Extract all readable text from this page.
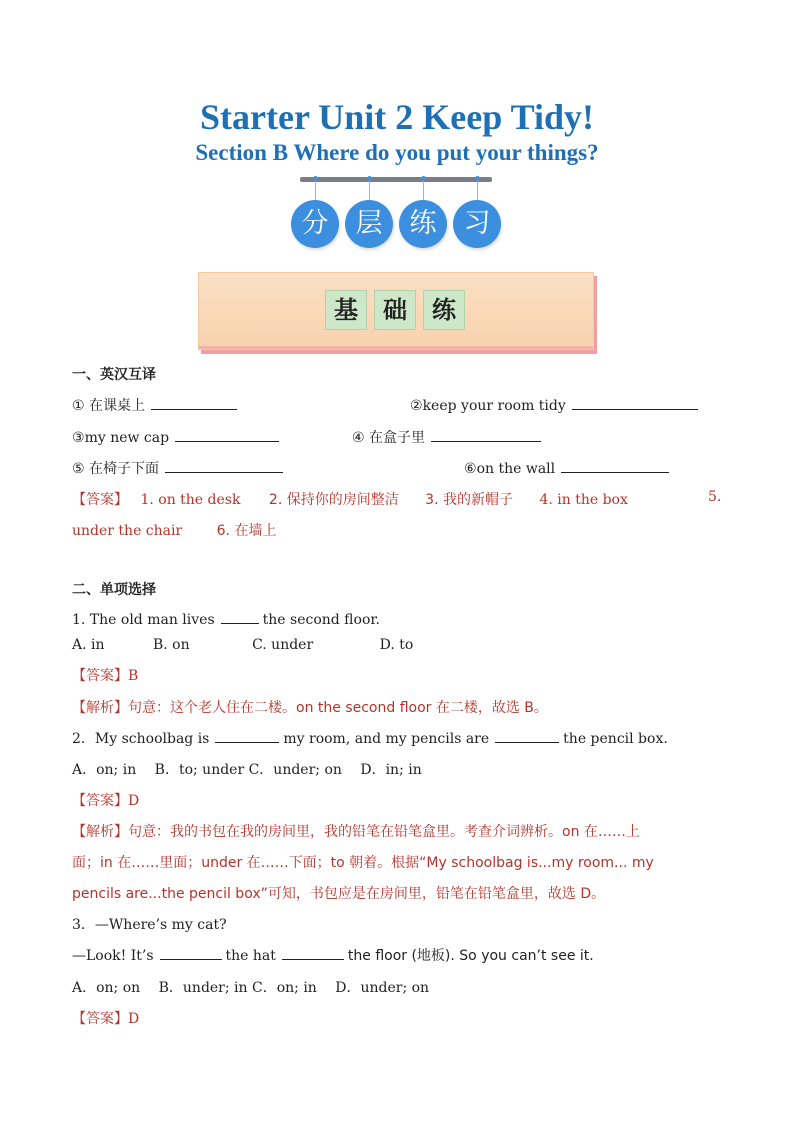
Starter Unit 2 Keep Tidy!
Section B Where do you put your things?
分	层	练	习
基	础	练
一、英汉互译
① 在课桌上	②keep your room tidy
③my new cap	④ 在盒子里
⑤ 在椅子下面	⑥on the wall
【答案】 1. on the desk 2. 保持你的房间整洁 3. 我的新帽子 4. in the box	5.
under the chair 6. 在墙上
二、单项选择
1. The old man lives	the second floor.
A. in	B. on	C. under	D. to
【答案】B
【解析】句意：这个老人住在二楼。on the second floor 在二楼，故选 B。
2．My schoolbag is	my room, and my pencils are	the pencil box.
A．on; in　 B．to; under C．under; on　 D．in; in
【答案】D
【解析】句意：我的书包在我的房间里，我的铅笔在铅笔盒里。考查介词辨析。on 在……上
面；in 在……里面；under 在……下面；to 朝着。根据“My schoolbag is...my room... my
pencils are...the pencil box”可知，书包应是在房间里，铅笔在铅笔盒里，故选 D。
3．—Where’s my cat?
—Look! It’s	the hat	the floor (地板). So you can’t see it.
A．on; on　 B．under; in C．on; in　 D．under; on
【答案】D
